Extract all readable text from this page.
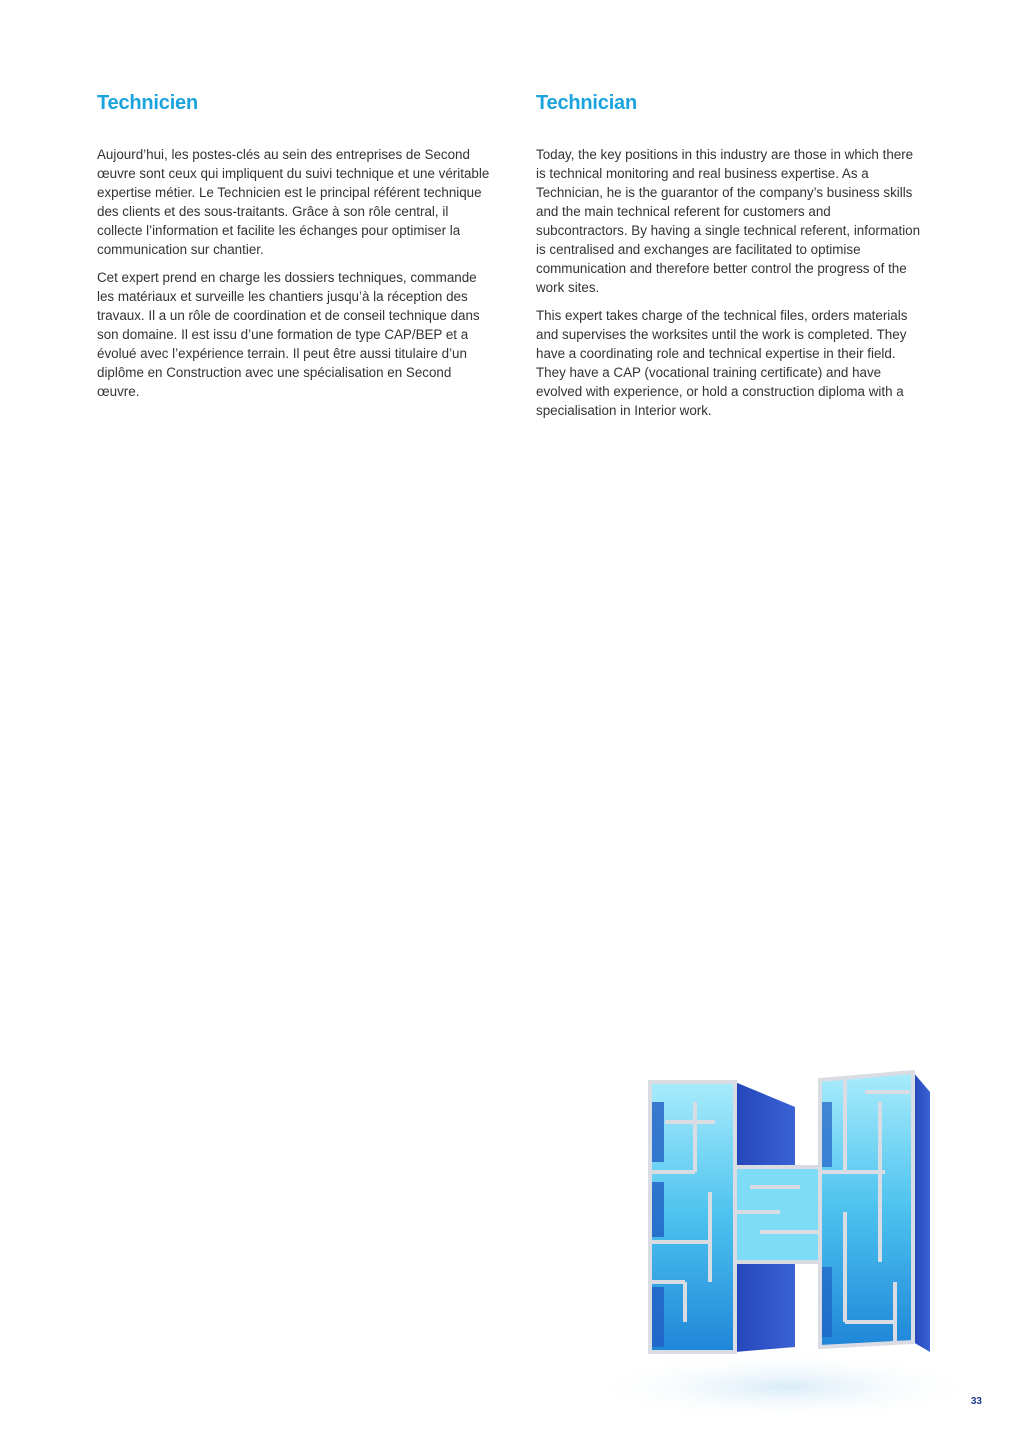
Technicien

Aujourd’hui, les postes-clés au sein des entreprises de Second œuvre sont ceux qui impliquent du suivi technique et une véritable expertise métier. Le Technicien est le principal référent technique des clients et des sous-traitants. Grâce à son rôle central, il collecte l’information et facilite les échanges pour optimiser la communication sur chantier.

Cet expert prend en charge les dossiers techniques, commande les matériaux et surveille les chantiers jusqu’à la réception des travaux. Il a un rôle de coordination et de conseil technique dans son domaine. Il est issu d’une formation de type CAP/BEP et a évolué avec l’expérience terrain. Il peut être aussi titulaire d’un diplôme en Construction avec une spécialisation en Second œuvre.

Technician

Today, the key positions in this industry are those in which there is technical monitoring and real business expertise. As a Technician, he is the guarantor of the company’s business skills and the main technical referent for customers and subcontractors. By having a single technical referent, information is centralised and exchanges are facilitated to optimise communication and therefore better control the progress of the work sites.

This expert takes charge of the technical files, orders materials and supervises the worksites until the work is completed. They have a coordinating role and technical expertise in their field. They have a CAP (vocational training certificate) and have evolved with experience, or hold a construction diploma with a specialisation in Interior work.

33
